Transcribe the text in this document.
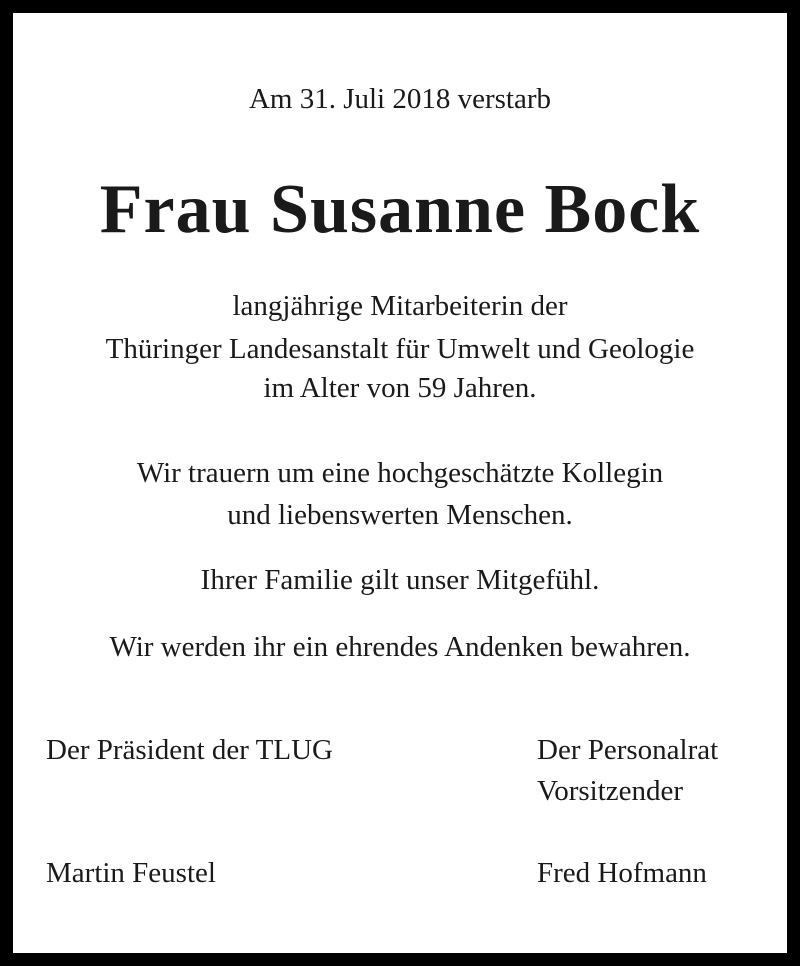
Am 31. Juli 2018 verstarb
Frau Susanne Bock
langjährige Mitarbeiterin der
Thüringer Landesanstalt für Umwelt und Geologie
im Alter von 59 Jahren.
Wir trauern um eine hochgeschätzte Kollegin
und liebenswerten Menschen.
Ihrer Familie gilt unser Mitgefühl.
Wir werden ihr ein ehrendes Andenken bewahren.
Der Präsident der TLUG	Der Personalrat
Vorsitzender
Martin Feustel	Fred Hofmann
